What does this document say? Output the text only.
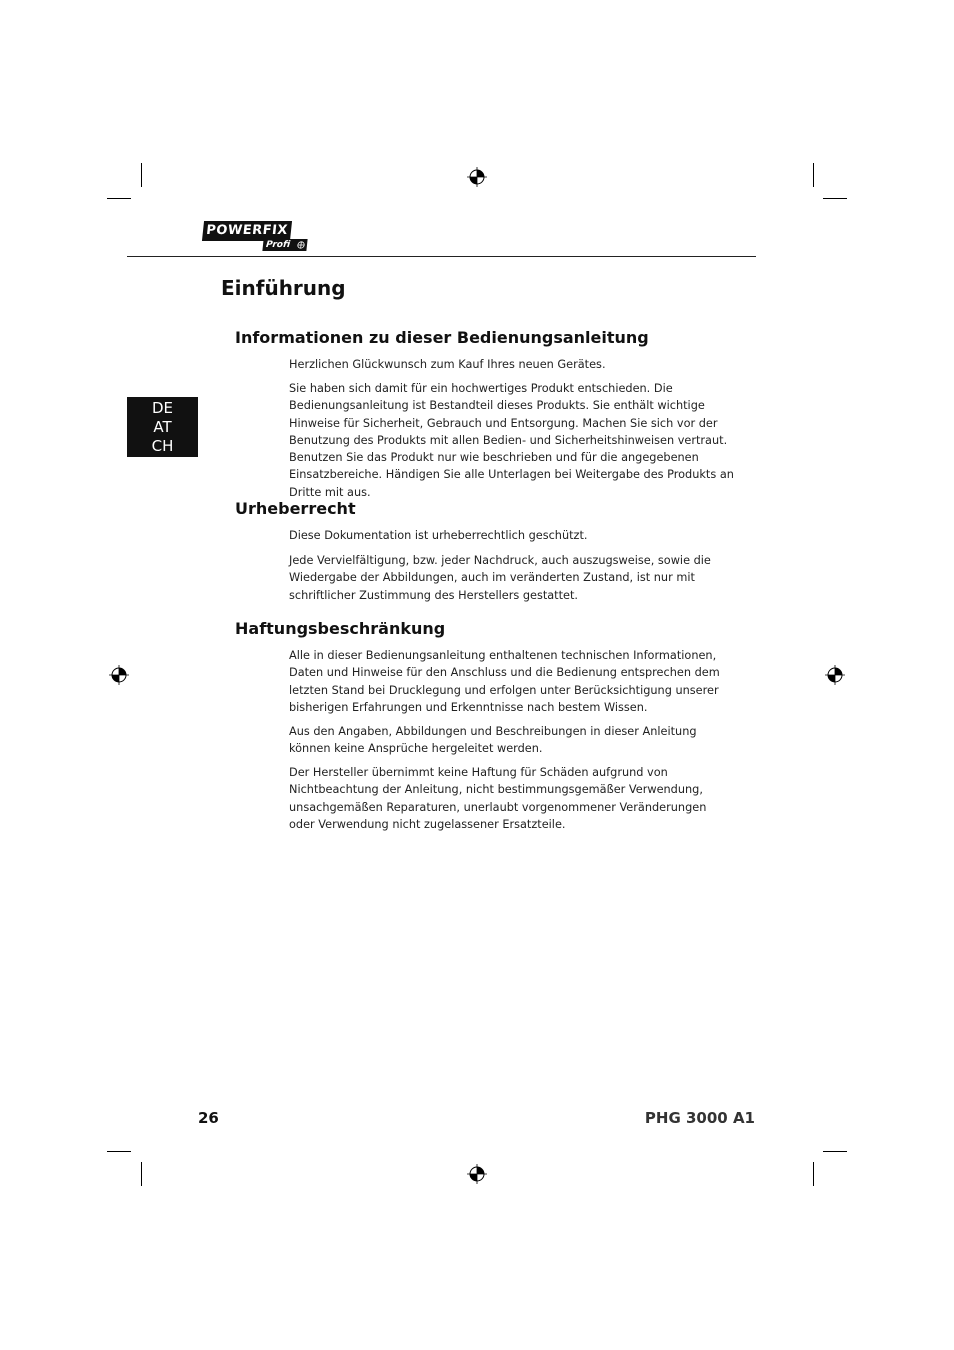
POWERFIX
Profi
DE
AT
CH
Einführung
Informationen zu dieser Bedienungsanleitung

Herzlichen Glückwunsch zum Kauf Ihres neuen Gerätes.

Sie haben sich damit für ein hochwertiges Produkt entschieden. Die Bedienungsanleitung ist Bestandteil dieses Produkts. Sie enthält wichtige Hinweise für Sicherheit, Gebrauch und Entsorgung. Machen Sie sich vor der Benutzung des Produkts mit allen Bedien- und Sicherheitshinweisen vertraut. Benutzen Sie das Produkt nur wie beschrieben und für die angegebenen Einsatzbereiche. Händigen Sie alle Unterlagen bei Weitergabe des Produkts an Dritte mit aus.

Urheberrecht

Diese Dokumentation ist urheberrechtlich geschützt.

Jede Vervielfältigung, bzw. jeder Nachdruck, auch auszugsweise, sowie die Wiedergabe der Abbildungen, auch im veränderten Zustand, ist nur mit schriftlicher Zustimmung des Herstellers gestattet.

Haftungsbeschränkung

Alle in dieser Bedienungsanleitung enthaltenen technischen Informationen, Daten und Hinweise für den Anschluss und die Bedienung entsprechen dem letzten Stand bei Drucklegung und erfolgen unter Berücksichtigung unserer bisherigen Erfahrungen und Erkenntnisse nach bestem Wissen.

Aus den Angaben, Abbildungen und Beschreibungen in dieser Anleitung können keine Ansprüche hergeleitet werden.

Der Hersteller übernimmt keine Haftung für Schäden aufgrund von Nichtbeachtung der Anleitung, nicht bestimmungsgemäßer Verwendung, unsachgemäßen Reparaturen, unerlaubt vorgenommener Veränderungen oder Verwendung nicht zugelassener Ersatzteile.

26	PHG 3000 A1
